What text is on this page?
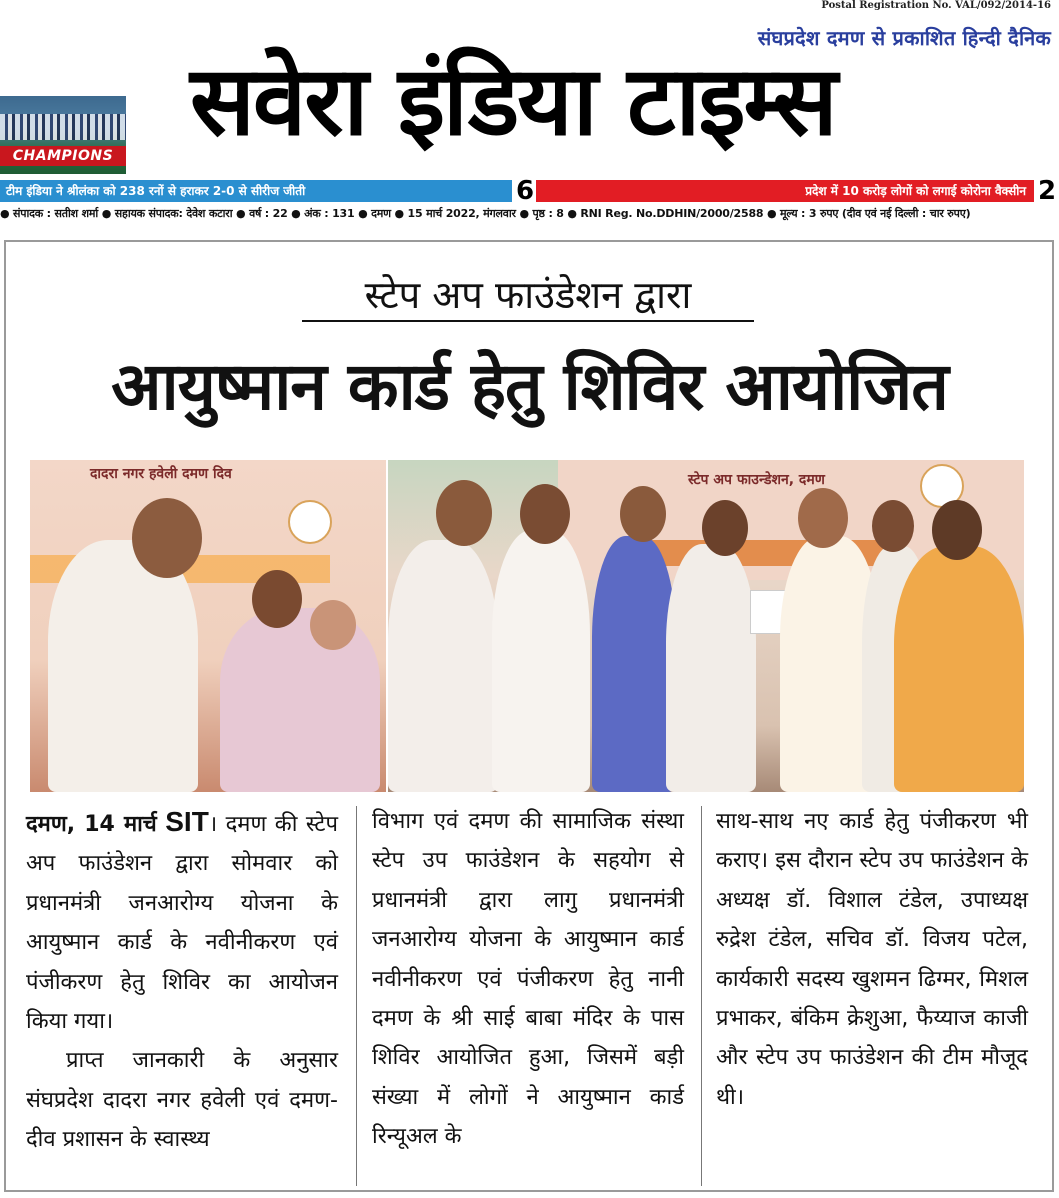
Postal Registration No. VAL/092/2014-16
संघप्रदेश दमण से प्रकाशित हिन्दी दैनिक
सवेरा इंडिया टाइम्स
CHAMPIONS
टीम इंडिया ने श्रीलंका को 238 रनों से हराकर 2-0 से सीरीज जीती	6	प्रदेश में 10 करोड़ लोगों को लगाई कोरोना वैक्सीन 2
● संपादक : सतीश शर्मा ● सहायक संपादक: देवेश कटारा ● वर्ष : 22 ● अंक : 131 ● दमण ● 15 मार्च 2022, मंगलवार ● पृष्ठ : 8 ● RNI Reg. No.DDHIN/2000/2588 ● मूल्य : 3 रुपए (दीव एवं नई दिल्ली : चार रुपए)
स्टेप अप फाउंडेशन द्वारा
आयुष्मान कार्ड हेतु शिविर आयोजित
दादरा नगर हवेली दमण दिव	स्टेप अप फाउन्डेशन, दमण
दमण, 14 मार्च SIT। दमण की स्टेप अप फाउंडेशन द्वारा सोमवार को प्रधानमंत्री जनआरोग्य योजना के आयुष्मान कार्ड के नवीनीकरण एवं पंजीकरण हेतु शिविर का आयोजन किया गया।
प्राप्त जानकारी के अनुसार संघप्रदेश दादरा नगर हवेली एवं दमण-दीव प्रशासन के स्वास्थ्य
विभाग एवं दमण की सामाजिक संस्था स्टेप उप फाउंडेशन के सहयोग से प्रधानमंत्री द्वारा लागु प्रधानमंत्री जनआरोग्य योजना के आयुष्मान कार्ड नवीनीकरण एवं पंजीकरण हेतु नानी दमण के श्री साई बाबा मंदिर के पास शिविर आयोजित हुआ, जिसमें बड़ी संख्या में लोगों ने आयुष्मान कार्ड रिन्यूअल के
साथ-साथ नए कार्ड हेतु पंजीकरण भी कराए। इस दौरान स्टेप उप फाउंडेशन के अध्यक्ष डॉ. विशाल टंडेल, उपाध्यक्ष रुद्रेश टंडेल, सचिव डॉ. विजय पटेल, कार्यकारी सदस्य खुशमन ढिग्मर, मिशल प्रभाकर, बंकिम क्रेशुआ, फैय्याज काजी और स्टेप उप फाउंडेशन की टीम मौजूद थी।
